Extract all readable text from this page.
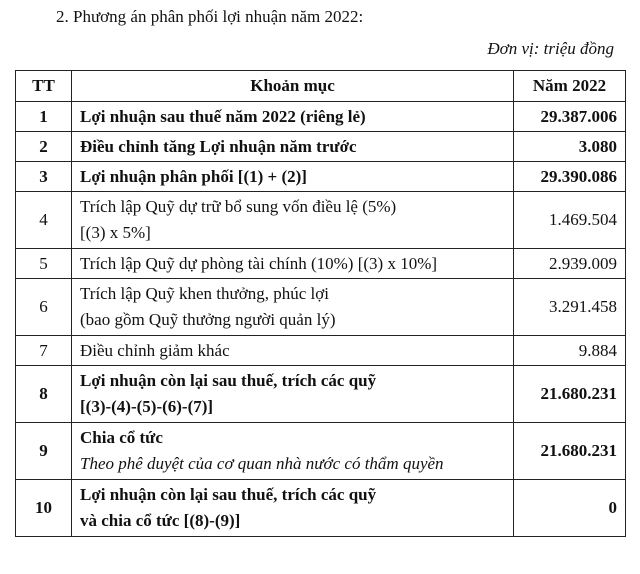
2. Phương án phân phối lợi nhuận năm 2022:
Đơn vị: triệu đồng
TT	Khoản mục	Năm 2022
1	Lợi nhuận sau thuế năm 2022 (riêng lẻ)	29.387.006
2	Điều chỉnh tăng Lợi nhuận năm trước	3.080
3	Lợi nhuận phân phối [(1) + (2)]	29.390.086
4	Trích lập Quỹ dự trữ bổ sung vốn điều lệ (5%)
[(3) x 5%]	1.469.504
5	Trích lập Quỹ dự phòng tài chính (10%) [(3) x 10%]	2.939.009
6	Trích lập Quỹ khen thưởng, phúc lợi
(bao gồm Quỹ thưởng người quản lý)	3.291.458
7	Điều chỉnh giảm khác	9.884
8	Lợi nhuận còn lại sau thuế, trích các quỹ
[(3)-(4)-(5)-(6)-(7)]	21.680.231
9	Chia cổ tức
Theo phê duyệt của cơ quan nhà nước có thẩm quyền	21.680.231
10	Lợi nhuận còn lại sau thuế, trích các quỹ
và chia cổ tức [(8)-(9)]	0
